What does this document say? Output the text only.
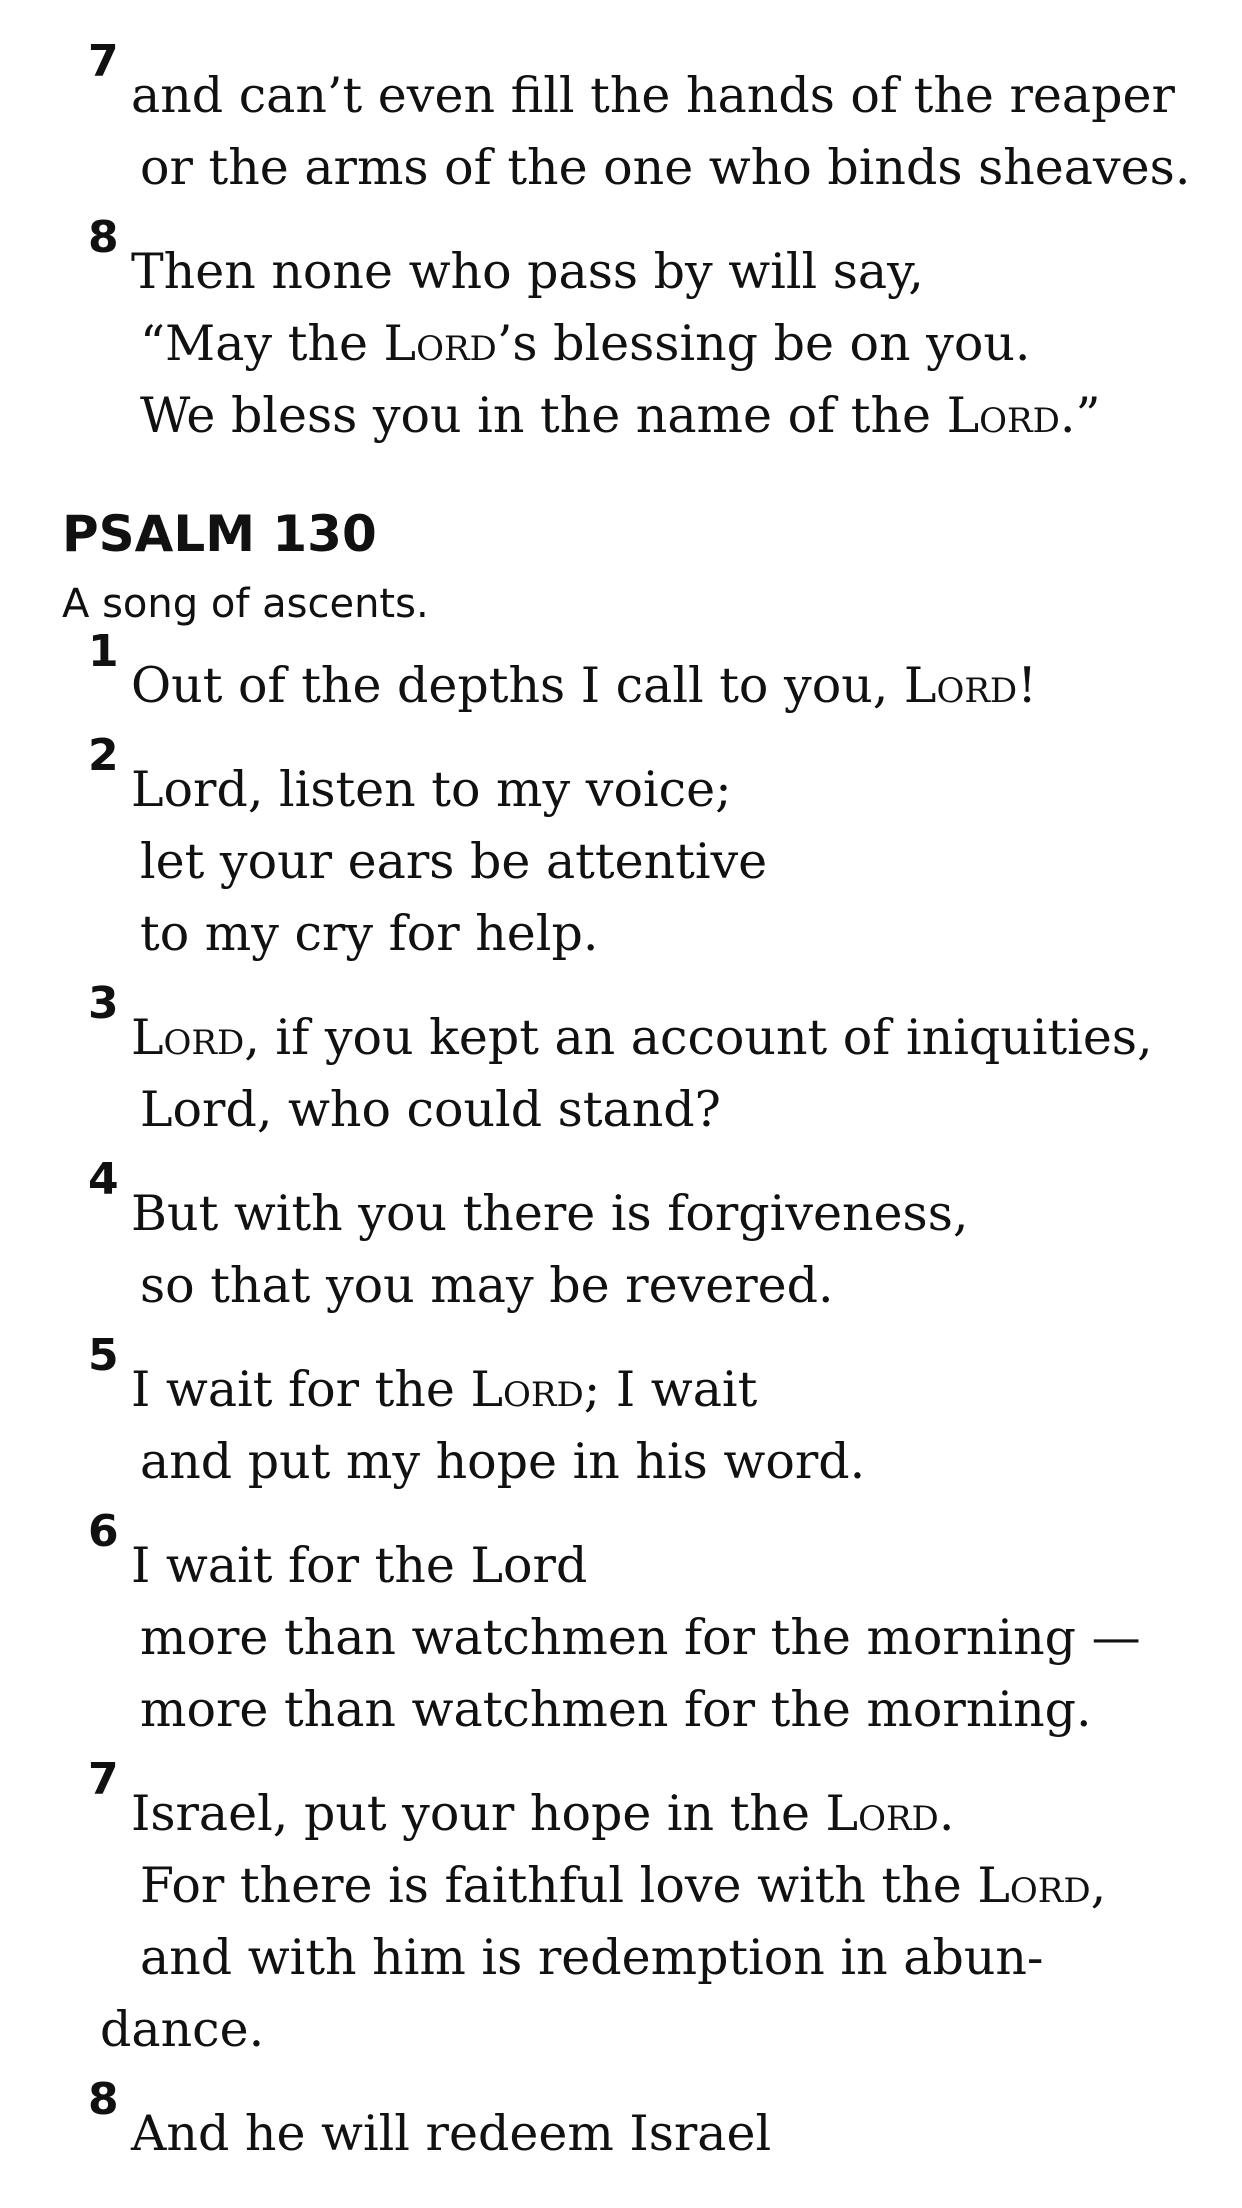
7
and can’t even fill the hands of the reaper
or the arms of the one who binds sheaves.
8
Then none who pass by will say,
“May the Lord’s blessing be on you.
We bless you in the name of the Lord.”
PSALM 130
A song of ascents.
1
Out of the depths I call to you, Lord!
2
Lord, listen to my voice;
let your ears be attentive
to my cry for help.
3
Lord, if you kept an account of iniquities,
Lord, who could stand?
4
But with you there is forgiveness,
so that you may be revered.
5
I wait for the Lord; I wait
and put my hope in his word.
6
I wait for the Lord
more than watchmen for the morning —
more than watchmen for the morning.
7
Israel, put your hope in the Lord.
For there is faithful love with the Lord,
and with him is redemption in abun-
dance.
8
And he will redeem Israel
